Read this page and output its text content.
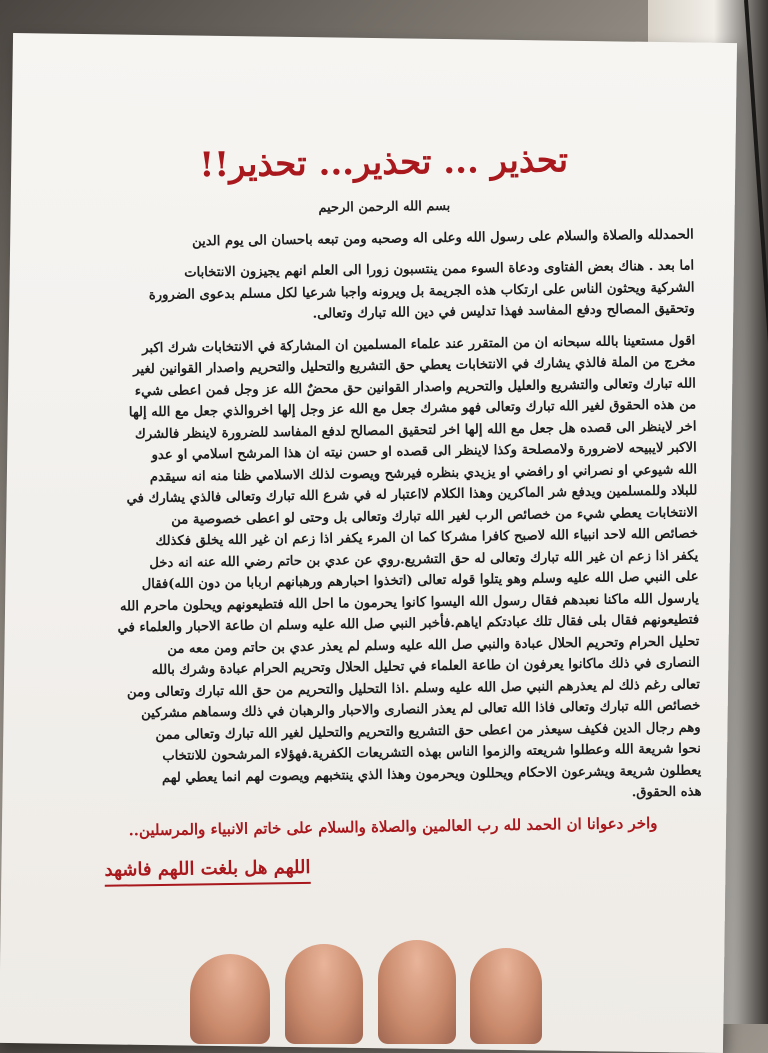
تحذير ... تحذير... تحذير!!
بسم الله الرحمن الرحيم
الحمدلله والصلاة والسلام على رسول الله وعلى اله وصحبه ومن تبعه باحسان الى يوم الدين
اما بعد . هناك بعض الفتاوى ودعاة السوء ممن ينتسبون زورا الى العلم انهم يجيزون الانتخابات
الشركية ويحثون الناس على ارتكاب هذه الجريمة بل ويرونه واجبا شرعيا لكل مسلم بدعوى الضرورة
وتحقيق المصالح ودفع المفاسد فهذا تدليس في دين الله تبارك وتعالى.
اقول مستعينا بالله سبحانه ان من المتقرر عند علماء المسلمين ان المشاركة في الانتخابات شرك اكبر
مخرج من الملة فالذي يشارك في الانتخابات يعطي حق التشريع والتحليل والتحريم واصدار القوانين لغير
الله تبارك وتعالى والتشريع والعليل والتحريم واصدار القوانين حق محضٌ الله عز وجل فمن اعطى شيء
من هذه الحقوق لغير الله تبارك وتعالى فهو مشرك جعل مع الله عز وجل إلها اخروالذي جعل مع الله إلها
اخر لاينظر الى قصده هل جعل مع الله إلها اخر لتحقيق المصالح لدفع المفاسد للضرورة لاينظر فالشرك
الاكبر لايبيحه لاضرورة ولامصلحة وكذا لاينظر الى قصده او حسن نيته ان هذا المرشح اسلامي او عدو
الله شيوعي او نصراني او رافضي او يزيدي بنظره فيرشح ويصوت لذلك الاسلامي ظنا منه انه سيقدم
للبلاد وللمسلمين ويدفع شر الماكرين وهذا الكلام لااعتبار له في شرع الله تبارك وتعالى فالذي يشارك في
الانتخابات يعطي شيء من خصائص الرب لغير الله تبارك وتعالى بل وحتى لو اعطى خصوصية من
خصائص الله لاحد انبياء الله لاصبح كافرا مشركا كما ان المرء يكفر اذا زعم ان غير الله يخلق فكذلك
يكفر اذا زعم ان غير الله تبارك وتعالى له حق التشريع.روي عن عدي بن حاتم رضي الله عنه انه دخل
على النبي صل الله عليه وسلم وهو يتلوا قوله تعالى (اتخذوا احبارهم ورهبانهم اربابا من دون الله)فقال
يارسول الله ماكنا نعبدهم فقال رسول الله اليسوا كانوا يحرمون ما احل الله فتطيعونهم ويحلون ماحرم الله
فتطيعونهم فقال بلى فقال تلك عبادتكم اياهم.فأخبر النبي صل الله عليه وسلم ان طاعة الاحبار والعلماء في
تحليل الحرام وتحريم الحلال عبادة والنبي صل الله عليه وسلم لم يعذر عدي بن حاتم ومن معه من
النصارى في ذلك ماكانوا يعرفون ان طاعة العلماء في تحليل الحلال وتحريم الحرام عبادة وشرك بالله
تعالى رغم ذلك لم يعذرهم النبي صل الله عليه وسلم .اذا التحليل والتحريم من حق الله تبارك وتعالى ومن
خصائص الله تبارك وتعالى فاذا الله تعالى لم يعذر النصارى والاحبار والرهبان في ذلك وسماهم مشركين
وهم رجال الدين فكيف سيعذر من اعطى حق التشريع والتحريم والتحليل لغير الله تبارك وتعالى ممن
نحوا شريعة الله وعطلوا شريعته والزموا الناس بهذه التشريعات الكفرية.فهؤلاء المرشحون للانتخاب
يعطلون شريعة ويشرعون الاحكام ويحللون ويحرمون وهذا الذي ينتخبهم ويصوت لهم انما يعطي لهم
هذه الحقوق.
واخر دعوانا ان الحمد لله رب العالمين والصلاة والسلام على خاتم الانبياء والمرسلين..
اللهم هل بلغت اللهم فاشهد
